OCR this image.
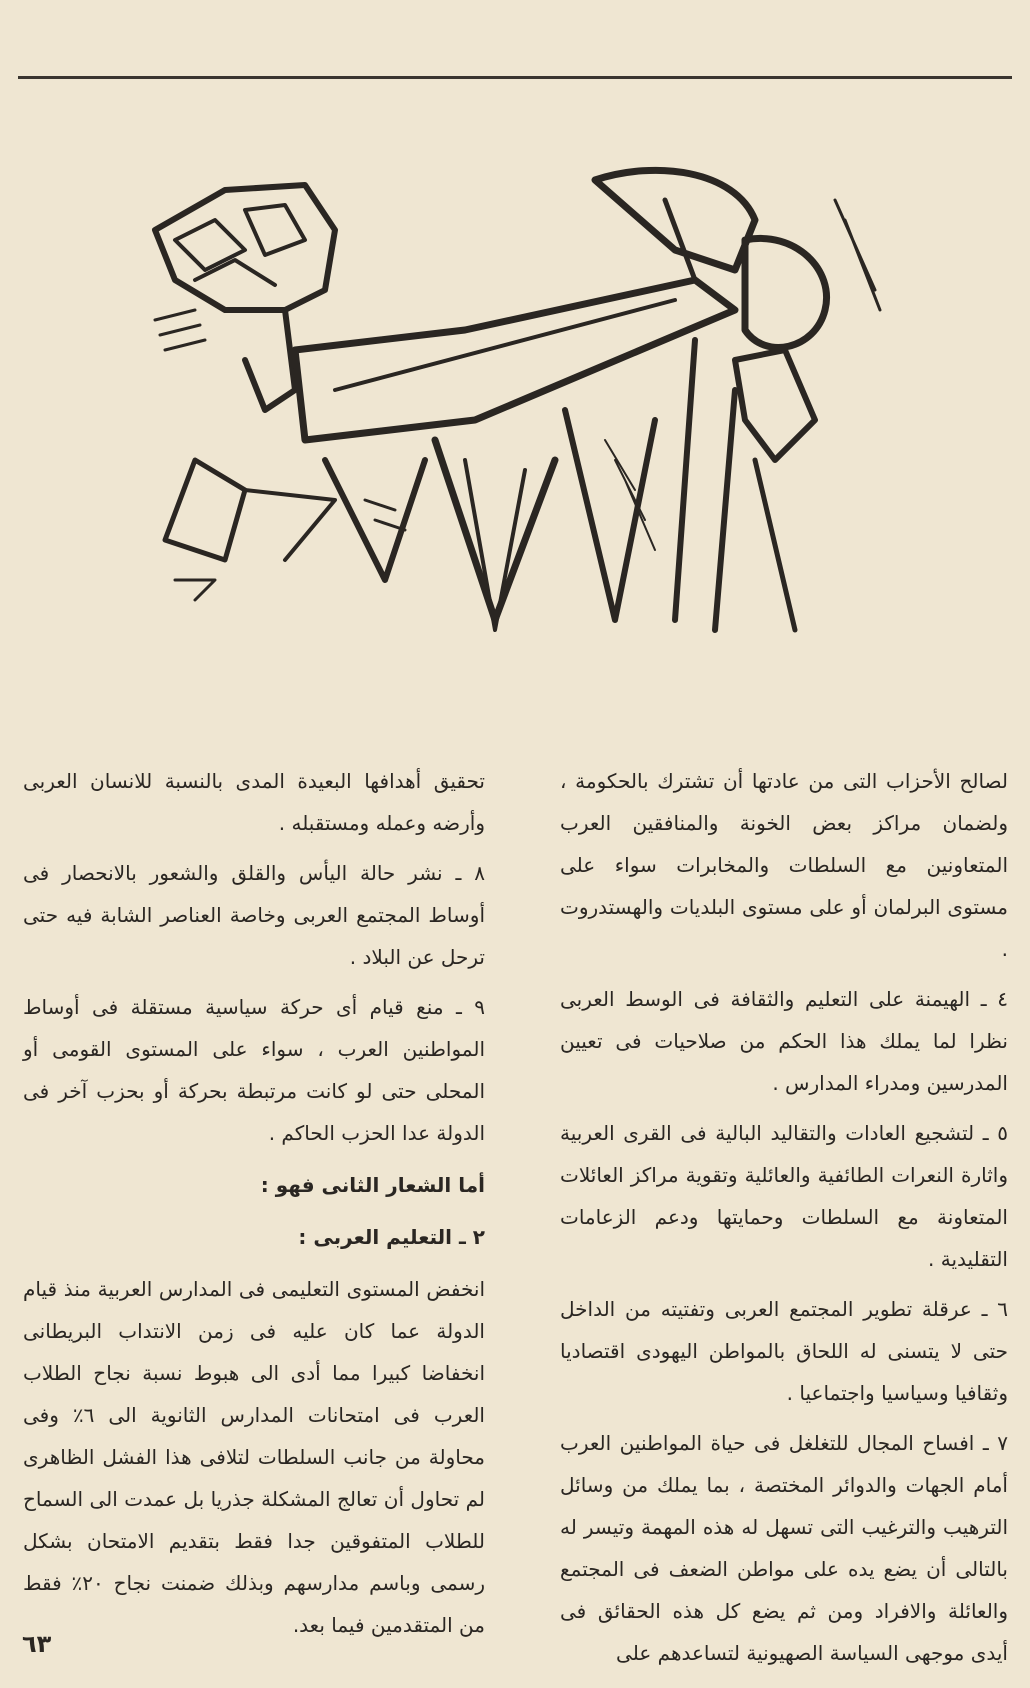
لصالح الأحزاب التى من عادتها أن تشترك بالحكومة ، ولضمان مراكز بعض الخونة والمنافقين العرب المتعاونين مع السلطات والمخابرات سواء على مستوى البرلمان أو على مستوى البلديات والهستدروت .

٤ ـ الهيمنة على التعليم والثقافة فى الوسط العربى نظرا لما يملك هذا الحكم من صلاحيات فى تعيين المدرسين ومدراء المدارس .

٥ ـ لتشجيع العادات والتقاليد البالية فى القرى العربية واثارة النعرات الطائفية والعائلية وتقوية مراكز العائلات المتعاونة مع السلطات وحمايتها ودعم الزعامات التقليدية .

٦ ـ عرقلة تطوير المجتمع العربى وتفتيته من الداخل حتى لا يتسنى له اللحاق بالمواطن اليهودى اقتصاديا وثقافيا وسياسيا واجتماعيا .

٧ ـ افساح المجال للتغلغل فى حياة المواطنين العرب أمام الجهات والدوائر المختصة ، بما يملك من وسائل الترهيب والترغيب التى تسهل له هذه المهمة وتيسر له بالتالى أن يضع يده على مواطن الضعف فى المجتمع والعائلة والافراد ومن ثم يضع كل هذه الحقائق فى أيدى موجهى السياسة الصهيونية لتساعدهم على

تحقيق أهدافها البعيدة المدى بالنسبة للانسان العربى وأرضه وعمله ومستقبله .

٨ ـ نشر حالة اليأس والقلق والشعور بالانحصار فى أوساط المجتمع العربى وخاصة العناصر الشابة فيه حتى ترحل عن البلاد .

٩ ـ منع قيام أى حركة سياسية مستقلة فى أوساط المواطنين العرب ، سواء على المستوى القومى أو المحلى حتى لو كانت مرتبطة بحركة أو بحزب آخر فى الدولة عدا الحزب الحاكم .

أما الشعار الثانى فهو :
٢ ـ التعليم العربى :

انخفض المستوى التعليمى فى المدارس العربية منذ قيام الدولة عما كان عليه فى زمن الانتداب البريطانى انخفاضا كبيرا مما أدى الى هبوط نسبة نجاح الطلاب العرب فى امتحانات المدارس الثانوية الى ٦٪ وفى محاولة من جانب السلطات لتلافى هذا الفشل الظاهرى لم تحاول أن تعالج المشكلة جذريا بل عمدت الى السماح للطلاب المتفوقين جدا فقط بتقديم الامتحان بشكل رسمى وباسم مدارسهم وبذلك ضمنت نجاح ٢٠٪ فقط من المتقدمين فيما بعد.

٦٣
